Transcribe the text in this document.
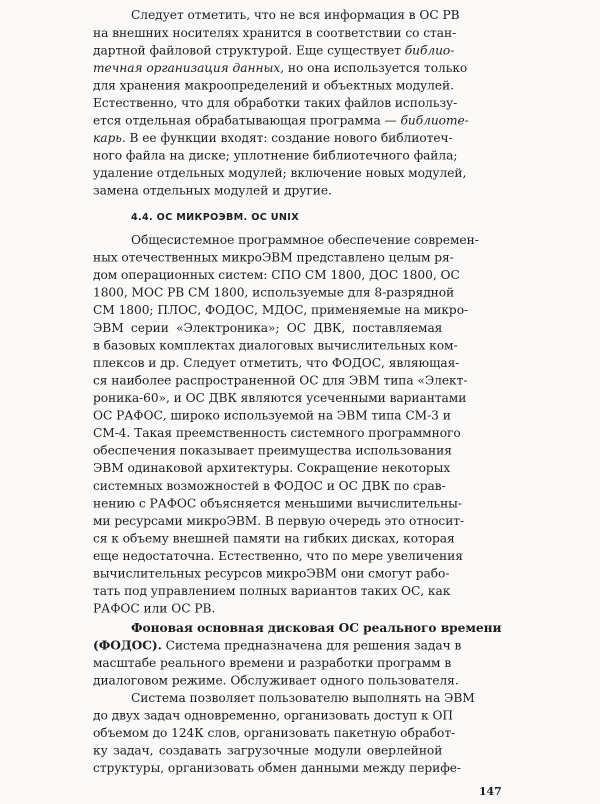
Следует отметить, что не вся информация в ОС РВ
на внешних носителях хранится в соответствии со стан-
дартной файловой структурой. Еще существует библио-
течная организация данных, но она используется только
для хранения макроопределений и объектных модулей.
Естественно, что для обработки таких файлов использу-
ется отдельная обрабатывающая программа — библиоте-
карь. В ее функции входят: создание нового библиотеч-
ного файла на диске; уплотнение библиотечного файла;
удаление отдельных модулей; включение новых модулей,
замена отдельных модулей и другие.
4.4. ОС МИКРОЭВМ. ОС UNIX
Общесистемное программное обеспечение современ-
ных отечественных микроЭВМ представлено целым ря-
дом операционных систем: СПО СМ 1800, ДОС 1800, ОС
1800, МОС РВ СМ 1800, используемые для 8-разрядной
СМ 1800; ПЛОС, ФОДОС, МДОС, применяемые на микро-
ЭВМ серии «Электроника»; ОС ДВК, поставляемая
в базовых комплектах диалоговых вычислительных ком-
плексов и др. Следует отметить, что ФОДОС, являющая-
ся наиболее распространенной ОС для ЭВМ типа «Элект-
роника-60», и ОС ДВК являются усеченными вариантами
ОС РАФОС, широко используемой на ЭВМ типа СМ-3 и
СМ-4. Такая преемственность системного программного
обеспечения показывает преимущества использования
ЭВМ одинаковой архитектуры. Сокращение некоторых
системных возможностей в ФОДОС и ОС ДВК по срав-
нению с РАФОС объясняется меньшими вычислительны-
ми ресурсами микроЭВМ. В первую очередь это относит-
ся к объему внешней памяти на гибких дисках, которая
еще недостаточна. Естественно, что по мере увеличения
вычислительных ресурсов микроЭВМ они смогут рабо-
тать под управлением полных вариантов таких ОС, как
РАФОС или ОС РВ.
Фоновая основная дисковая ОС реального времени
(ФОДОС). Система предназначена для решения задач в
масштабе реального времени и разработки программ в
диалоговом режиме. Обслуживает одного пользователя.
Система позволяет пользователю выполнять на ЭВМ
до двух задач одновременно, организовать доступ к ОП
объемом до 124К слов, организовать пакетную обработ-
ку задач, создавать загрузочные модули оверлейной
структуры, организовать обмен данными между перифе-
147
